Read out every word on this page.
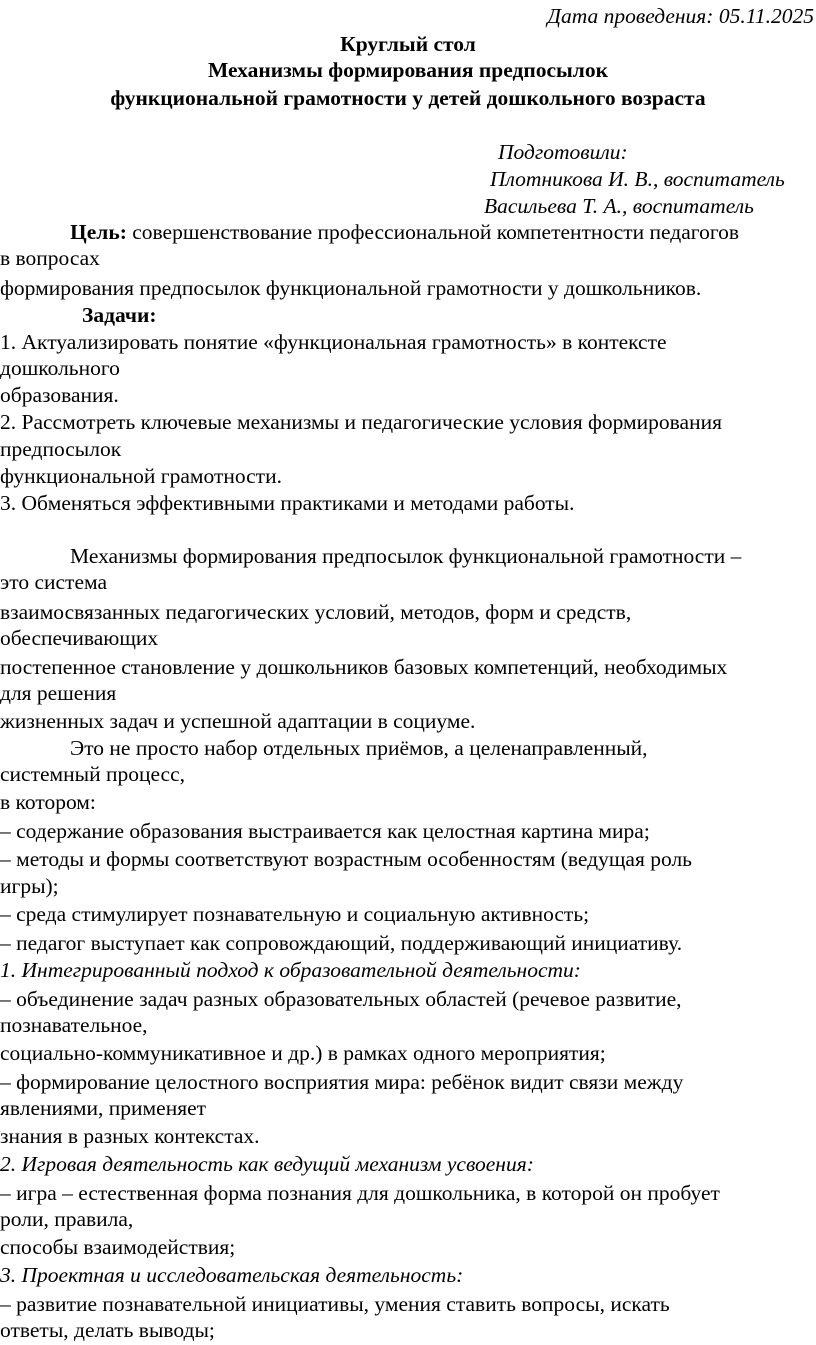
Дата проведения: 05.11.2025
Круглый стол
Механизмы формирования предпосылок
функциональной грамотности у детей дошкольного возраста
Подготовили:
Плотникова И. В., воспитатель
Васильева Т. А., воспитатель
Цель: совершенствование профессиональной компетентности педагогов
в вопросах
формирования предпосылок функциональной грамотности у дошкольников.
Задачи:
1. Актуализировать понятие «функциональная грамотность» в контексте
дошкольного
образования.
2. Рассмотреть ключевые механизмы и педагогические условия формирования
предпосылок
функциональной грамотности.
3. Обменяться эффективными практиками и методами работы.
Механизмы формирования предпосылок функциональной грамотности –
это система
взаимосвязанных педагогических условий, методов, форм и средств,
обеспечивающих
постепенное становление у дошкольников базовых компетенций, необходимых
для решения
жизненных задач и успешной адаптации в социуме.
Это не просто набор отдельных приёмов, а целенаправленный,
системный процесс,
в котором:
– содержание образования выстраивается как целостная картина мира;
– методы и формы соответствуют возрастным особенностям (ведущая роль
игры);
– среда стимулирует познавательную и социальную активность;
– педагог выступает как сопровождающий, поддерживающий инициативу.
1. Интегрированный подход к образовательной деятельности:
– объединение задач разных образовательных областей (речевое развитие,
познавательное,
социально-коммуникативное и др.) в рамках одного мероприятия;
– формирование целостного восприятия мира: ребёнок видит связи между
явлениями, применяет
знания в разных контекстах.
2. Игровая деятельность как ведущий механизм усвоения:
– игра – естественная форма познания для дошкольника, в которой он пробует
роли, правила,
способы взаимодействия;
3. Проектная и исследовательская деятельность:
– развитие познавательной инициативы, умения ставить вопросы, искать
ответы, делать выводы;
